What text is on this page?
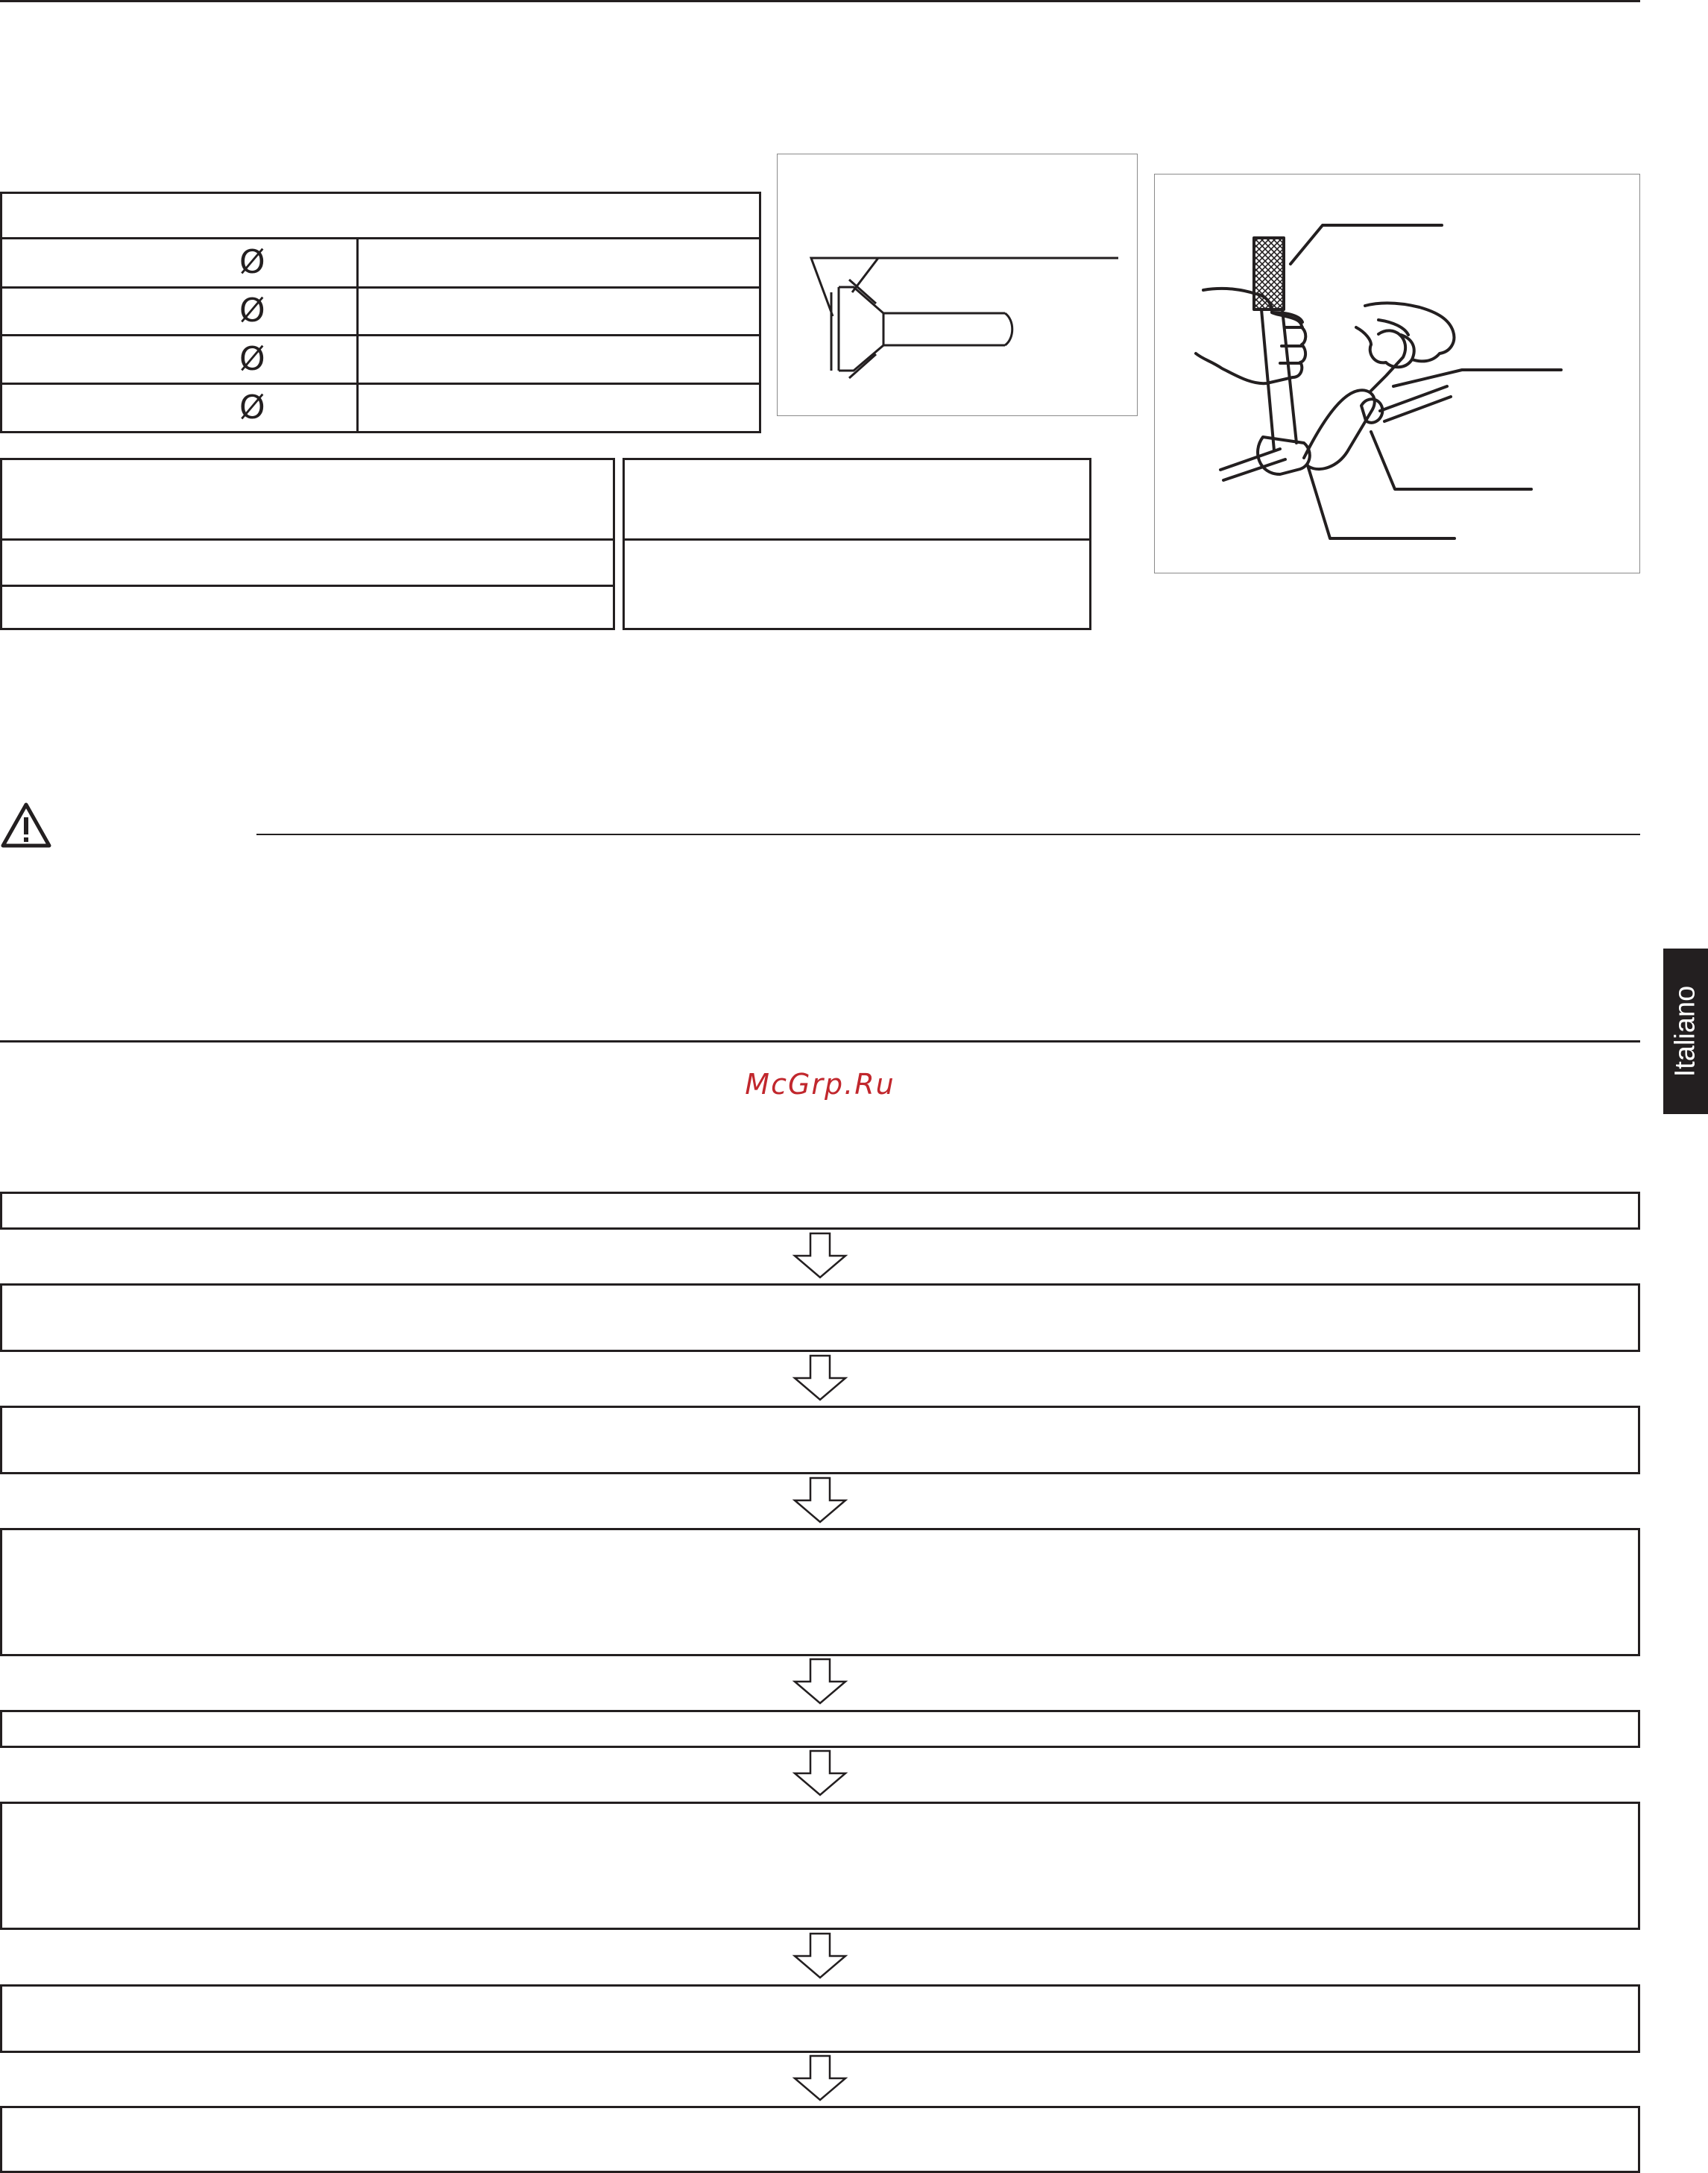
Ø
Ø
Ø
Ø
McGrp.Ru
Italiano
